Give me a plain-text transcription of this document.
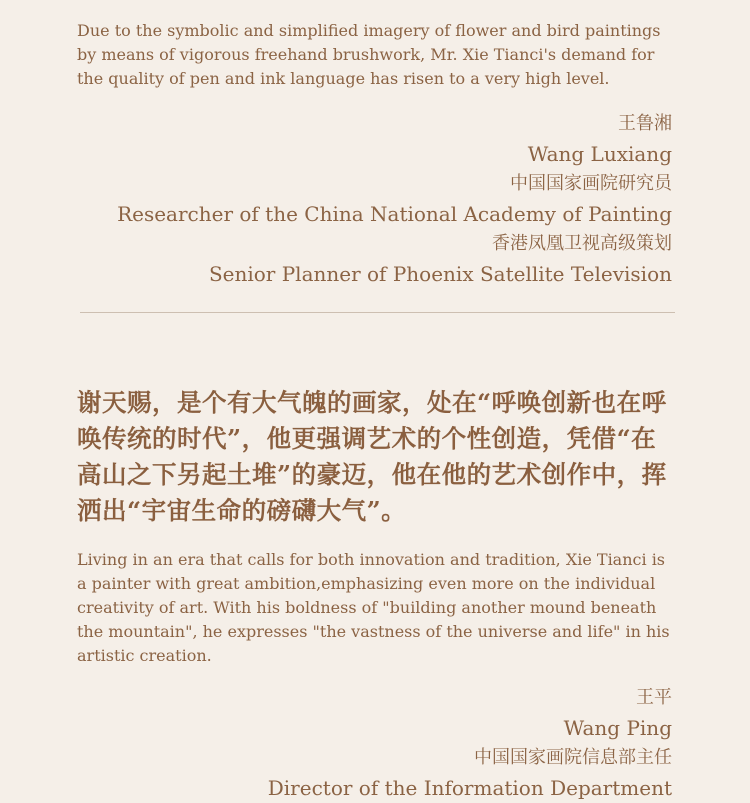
Due to the symbolic and simplified imagery of flower and bird paintings by means of vigorous freehand brushwork, Mr. Xie Tianci's demand for the quality of pen and ink language has risen to a very high level.

王鲁湘
Wang Luxiang
中国国家画院研究员
Researcher of the China National Academy of Painting
香港凤凰卫视高级策划
Senior Planner of Phoenix Satellite Television

谢天赐，是个有大气魄的画家，处在“呼唤创新也在呼唤传统的时代”，他更强调艺术的个性创造，凭借“在高山之下另起土堆”的豪迈，他在他的艺术创作中，挥洒出“宇宙生命的磅礴大气”。

Living in an era that calls for both innovation and tradition, Xie Tianci is a painter with great ambition,emphasizing even more on the individual creativity of art. With his boldness of "building another mound beneath the mountain", he expresses "the vastness of the universe and life" in his artistic creation.

王平
Wang Ping
中国国家画院信息部主任
Director of the Information Department
